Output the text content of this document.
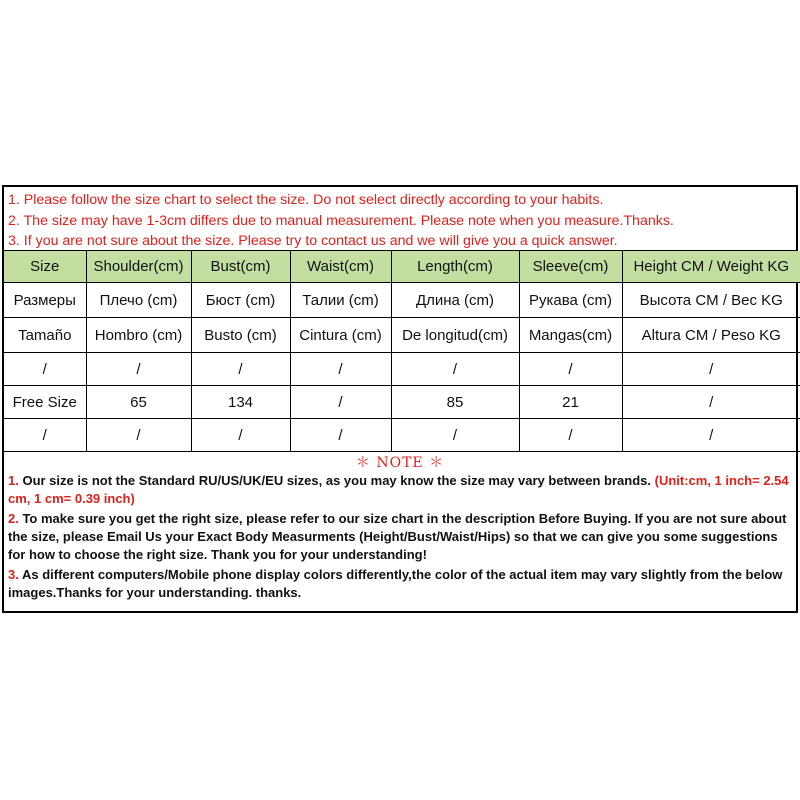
1. Please follow the size chart to select the size. Do not select directly according to your habits.
2. The size may have 1-3cm differs due to manual measurement. Please note when you measure.Thanks.
3. If you are not sure about the size. Please try to contact us and we will give you a quick answer.
Size	Shoulder(cm)	Bust(cm)	Waist(cm)	Length(cm)	Sleeve(cm)	Height CM / Weight KG
Размеры	Плечо (cm)	Бюст (cm)	Талии (cm)	Длина (cm)	Рукава (cm)	Высота CM / Вес KG
Tamaño	Hombro (cm)	Busto (cm)	Cintura (cm)	De longitud(cm)	Mangas(cm)	Altura CM / Peso KG
/	/	/	/	/	/	/
Free Size	65	134	/	85	21	/
/	/	/	/	/	/	/
＊ NOTE ＊
1. Our size is not the Standard RU/US/UK/EU sizes, as you may know the size may vary between brands. (Unit:cm, 1 inch= 2.54 cm, 1 cm= 0.39 inch)
2. To make sure you get the right size, please refer to our size chart in the description Before Buying. If you are not sure about the size, please Email Us your Exact Body Measurments (Height/Bust/Waist/Hips) so that we can give you some suggestions for how to choose the right size. Thank you for your understanding!
3. As different computers/Mobile phone display colors differently,the color of the actual item may vary slightly from the below images.Thanks for your understanding. thanks.
